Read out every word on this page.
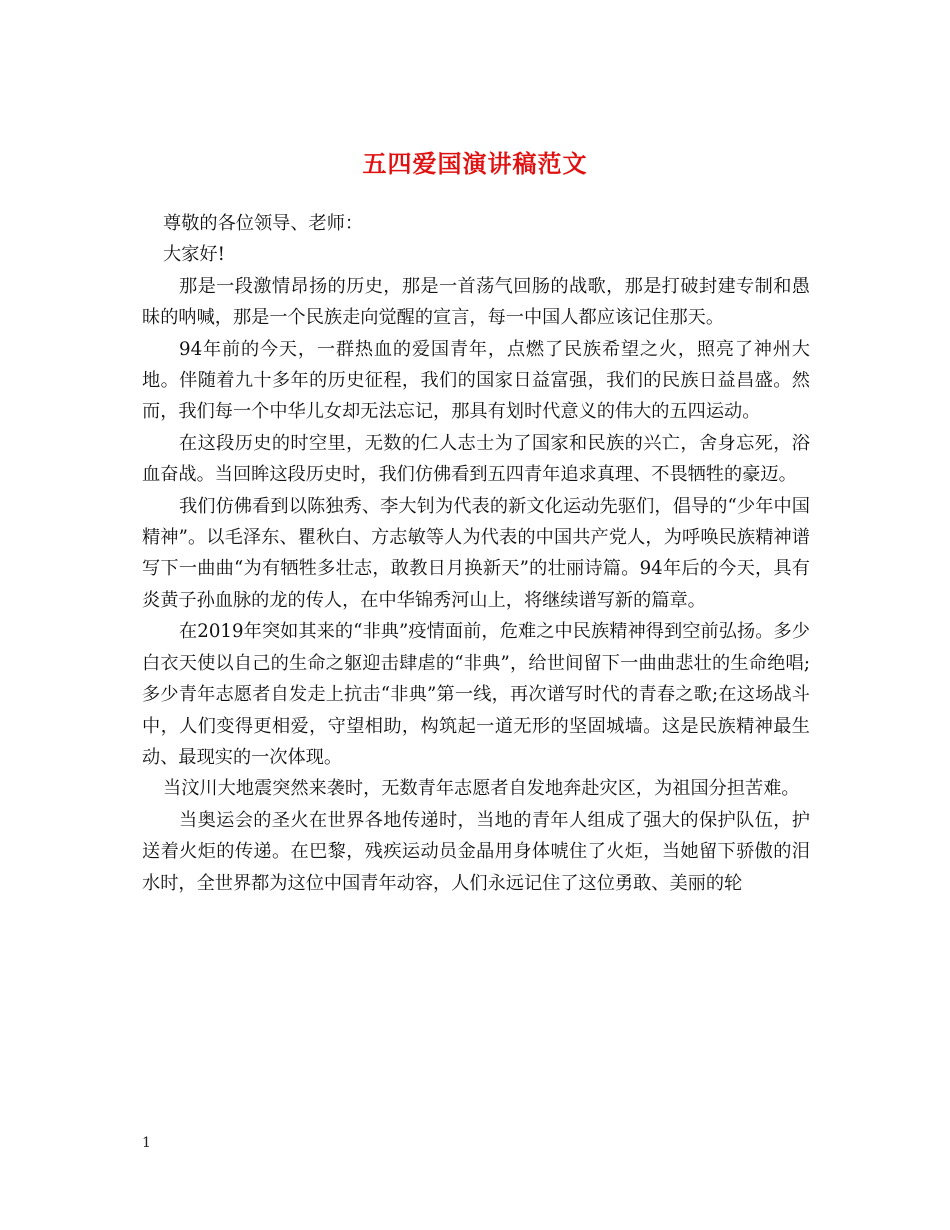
五四爱国演讲稿范文

尊敬的各位领导、老师：

大家好!

那是一段激情昂扬的历史，那是一首荡气回肠的战歌，那是打破封建专制和愚昧的呐喊，那是一个民族走向觉醒的宣言，每一中国人都应该记住那天。

94年前的今天，一群热血的爱国青年，点燃了民族希望之火，照亮了神州大地。伴随着九十多年的历史征程，我们的国家日益富强，我们的民族日益昌盛。然而，我们每一个中华儿女却无法忘记，那具有划时代意义的伟大的五四运动。

在这段历史的时空里，无数的仁人志士为了国家和民族的兴亡，舍身忘死，浴血奋战。当回眸这段历史时，我们仿佛看到五四青年追求真理、不畏牺牲的豪迈。

我们仿佛看到以陈独秀、李大钊为代表的新文化运动先驱们，倡导的“少年中国精神”。以毛泽东、瞿秋白、方志敏等人为代表的中国共产党人，为呼唤民族精神谱写下一曲曲“为有牺牲多壮志，敢教日月换新天”的壮丽诗篇。94年后的今天，具有炎黄子孙血脉的龙的传人，在中华锦秀河山上，将继续谱写新的篇章。

在2019年突如其来的“非典”疫情面前，危难之中民族精神得到空前弘扬。多少白衣天使以自己的生命之躯迎击肆虐的“非典”，给世间留下一曲曲悲壮的生命绝唱;多少青年志愿者自发走上抗击“非典”第一线，再次谱写时代的青春之歌;在这场战斗中，人们变得更相爱，守望相助，构筑起一道无形的坚固城墙。这是民族精神最生动、最现实的一次体现。

当汶川大地震突然来袭时，无数青年志愿者自发地奔赴灾区，为祖国分担苦难。

当奥运会的圣火在世界各地传递时，当地的青年人组成了强大的保护队伍，护送着火炬的传递。在巴黎，残疾运动员金晶用身体唬住了火炬，当她留下骄傲的泪水时，全世界都为这位中国青年动容，人们永远记住了这位勇敢、美丽的轮

1
